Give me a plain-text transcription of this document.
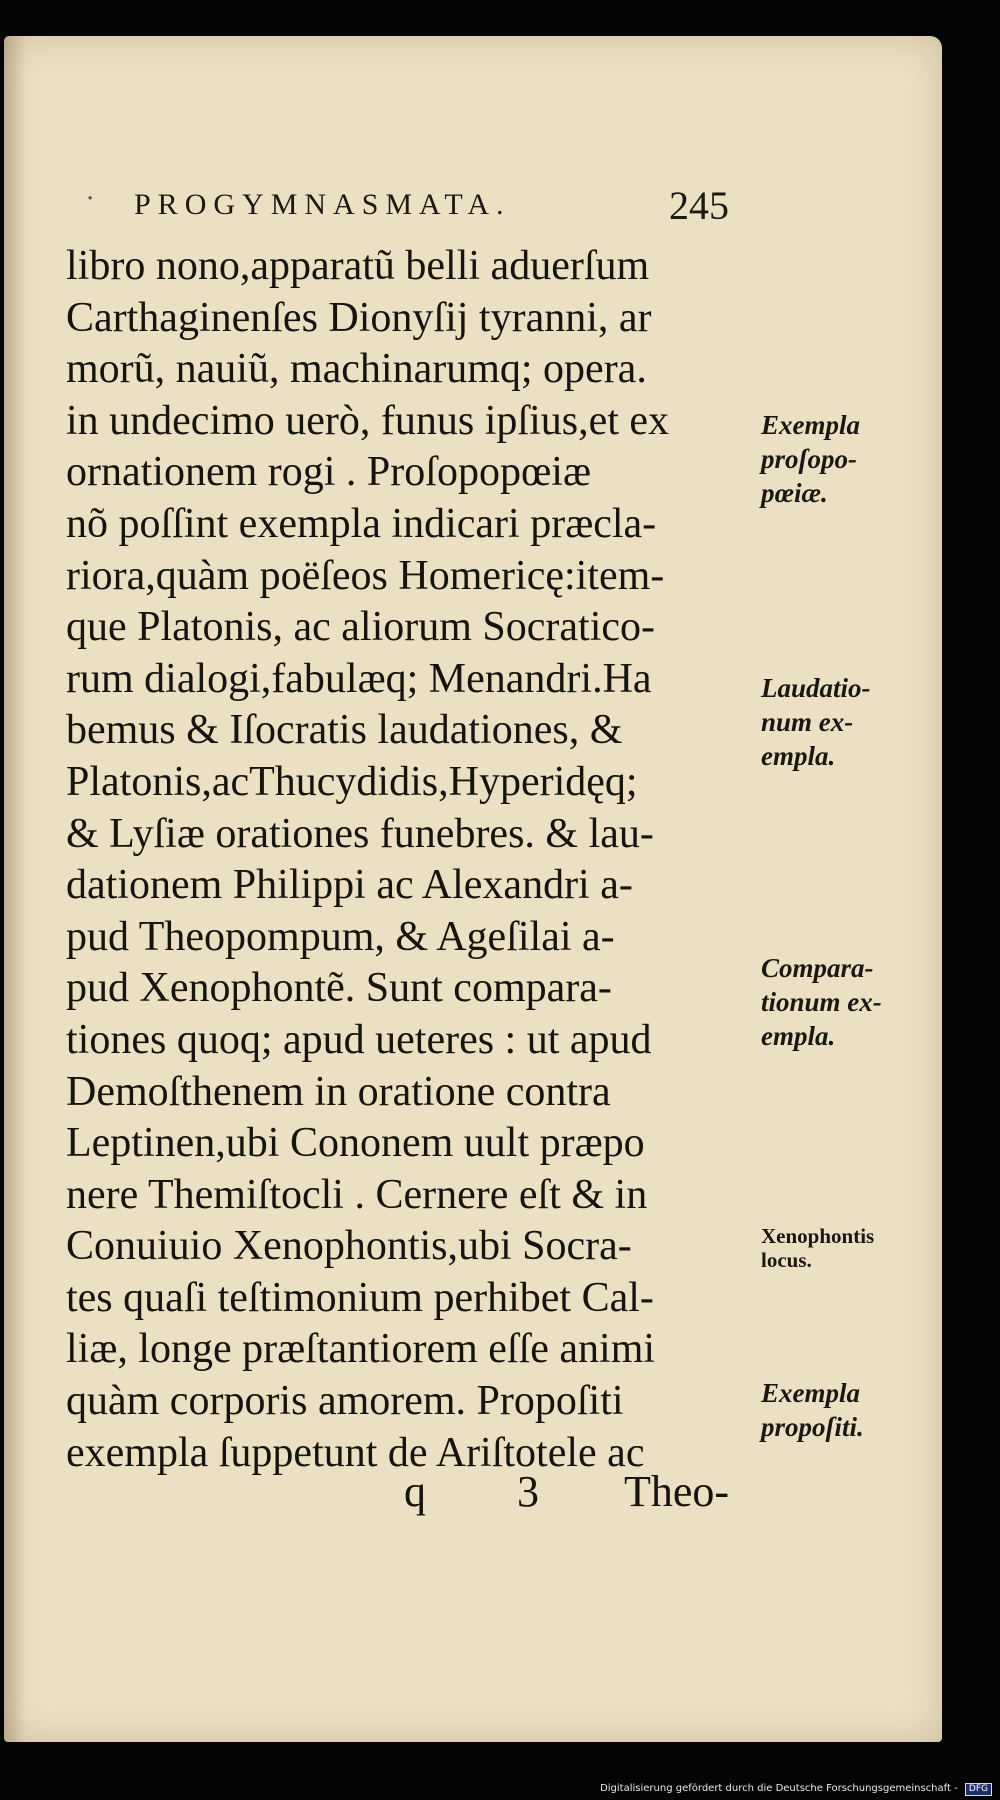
· PROGYMNASMATA.	245
libro nono,apparatũ belli aduerſum
Carthaginenſes Dionyſij tyranni, ar
morũ, nauiũ, machinarumq; opera.
in undecimo uerò, funus ipſius,et ex
ornationem rogi . Proſopopœiæ
nõ poſſint exempla indicari præcla-
riora,quàm poëſeos Homericę:item-
que Platonis, ac aliorum Socratico-
rum dialogi,fabulæq; Menandri.Ha
bemus & Iſocratis laudationes, &
Platonis,acThucydidis,Hyperidęq;
& Lyſiæ orationes funebres. & lau-
dationem Philippi ac Alexandri a-
pud Theopompum, & Ageſilai a-
pud Xenophontẽ. Sunt compara-
tiones quoq; apud ueteres : ut apud
Demoſthenem in oratione contra
Leptinen,ubi Cononem uult præpo
nere Themiſtocli . Cernere eſt & in
Conuiuio Xenophontis,ubi Socra-
tes quaſi teſtimonium perhibet Cal-
liæ, longe præſtantiorem eſſe animi
quàm corporis amorem. Propoſiti
exempla ſuppetunt de Ariſtotele ac
Exempla
proſopo-
pœiæ.
Laudatio-
num ex-
empla.
Compara-
tionum ex-
empla.
Xenophontis
locus.
Exempla
propoſiti.
q 3 Theo-
Digitalisierung gefördert durch die Deutsche Forschungsgemeinschaft - DFG
